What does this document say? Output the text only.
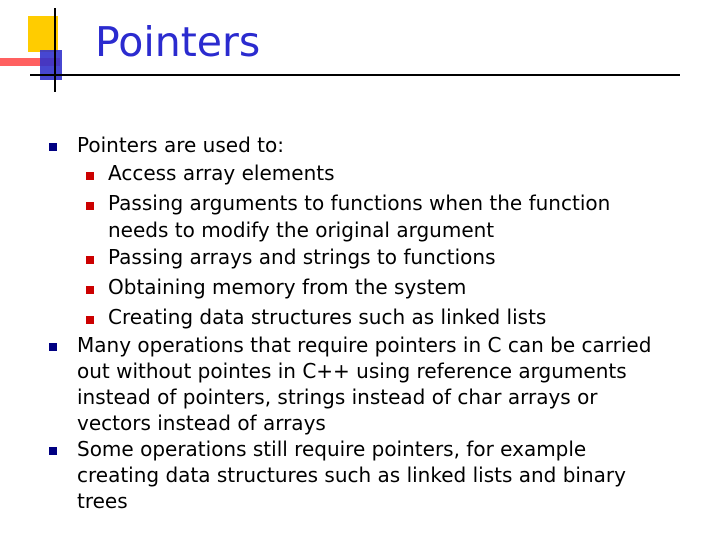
Pointers
Pointers are used to:
Access array elements
Passing arguments to functions when the function
needs to modify the original argument
Passing arrays and strings to functions
Obtaining memory from the system
Creating data structures such as linked lists
Many operations that require pointers in C can be carried
out without pointes in C++ using reference arguments
instead of pointers, strings instead of char arrays or
vectors instead of arrays
Some operations still require pointers, for example
creating data structures such as linked lists and binary
trees
